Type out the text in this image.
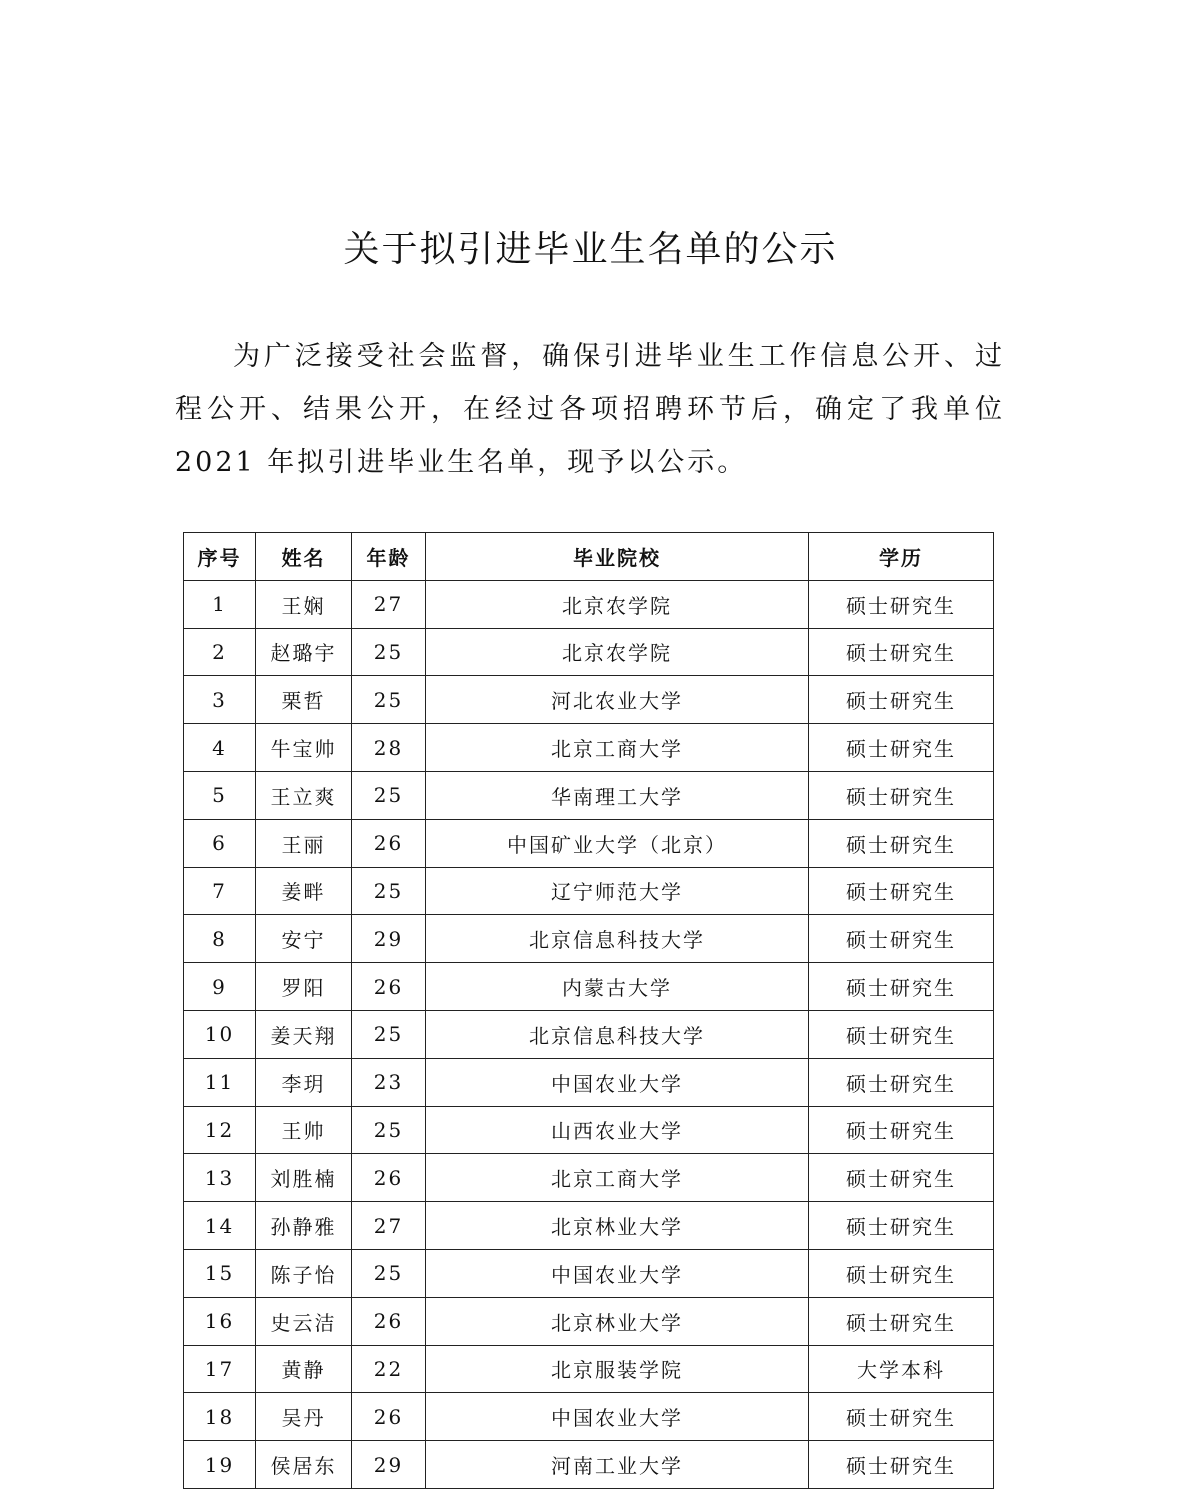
关于拟引进毕业生名单的公示

为广泛接受社会监督，确保引进毕业生工作信息公开、过程公开、结果公开，在经过各项招聘环节后，确定了我单位 2021 年拟引进毕业生名单，现予以公示。

序号	姓名	年龄	毕业院校	学历
1	王娴	27	北京农学院	硕士研究生
2	赵璐宇	25	北京农学院	硕士研究生
3	栗哲	25	河北农业大学	硕士研究生
4	牛宝帅	28	北京工商大学	硕士研究生
5	王立爽	25	华南理工大学	硕士研究生
6	王丽	26	中国矿业大学（北京）	硕士研究生
7	姜畔	25	辽宁师范大学	硕士研究生
8	安宁	29	北京信息科技大学	硕士研究生
9	罗阳	26	内蒙古大学	硕士研究生
10	姜天翔	25	北京信息科技大学	硕士研究生
11	李玥	23	中国农业大学	硕士研究生
12	王帅	25	山西农业大学	硕士研究生
13	刘胜楠	26	北京工商大学	硕士研究生
14	孙静雅	27	北京林业大学	硕士研究生
15	陈子怡	25	中国农业大学	硕士研究生
16	史云洁	26	北京林业大学	硕士研究生
17	黄静	22	北京服装学院	大学本科
18	吴丹	26	中国农业大学	硕士研究生
19	侯居东	29	河南工业大学	硕士研究生
